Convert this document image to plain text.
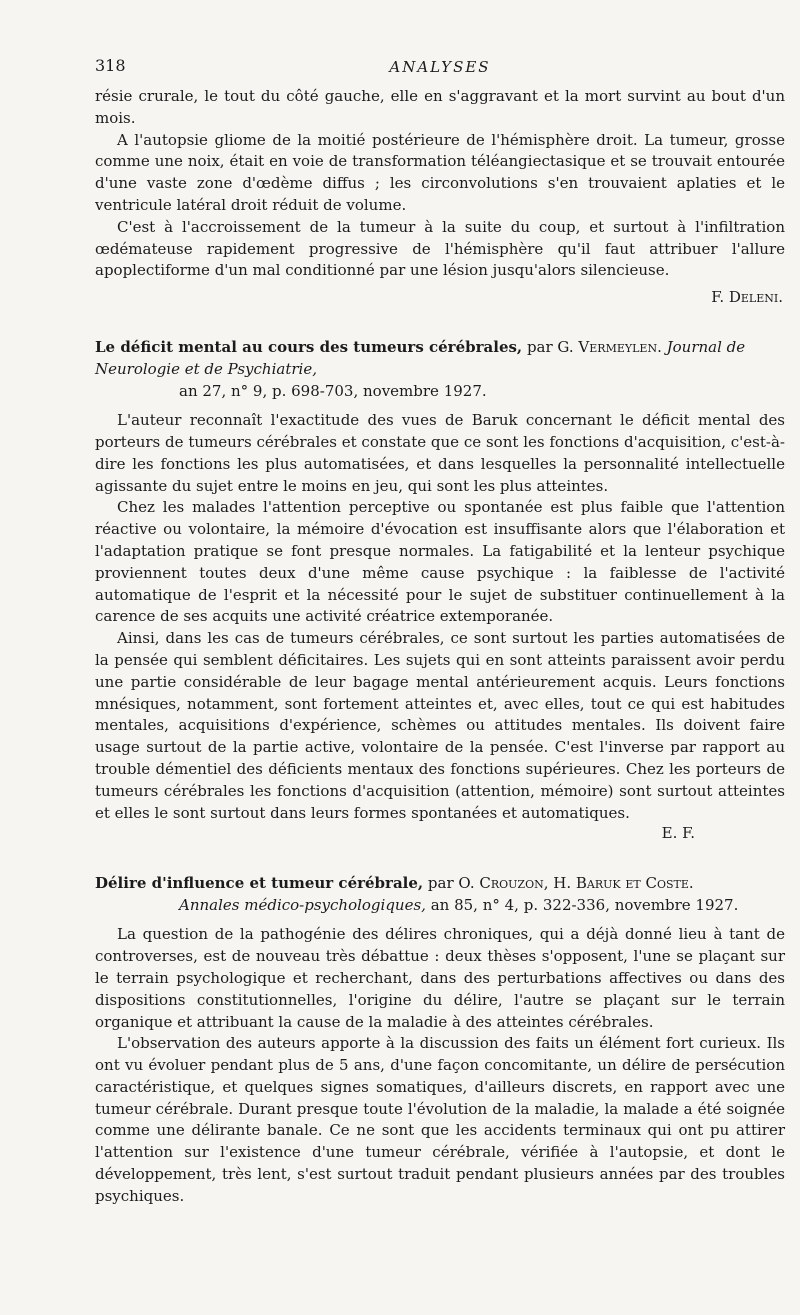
318	ANALYSES

résie crurale, le tout du côté gauche, elle en s'aggravant et la mort survint au bout d'un mois.

A l'autopsie gliome de la moitié postérieure de l'hémisphère droit. La tumeur, grosse comme une noix, était en voie de transformation téléangiectasique et se trouvait entourée d'une vaste zone d'œdème diffus ; les circonvolutions s'en trouvaient aplaties et le ventricule latéral droit réduit de volume.

C'est à l'accroissement de la tumeur à la suite du coup, et surtout à l'infiltration œdémateuse rapidement progressive de l'hémisphère qu'il faut attribuer l'allure apoplectiforme d'un mal conditionné par une lésion jusqu'alors silencieuse.

F. Deleni.
Le déficit mental au cours des tumeurs cérébrales, par G. Vermeylen. Journal de Neurologie et de Psychiatrie,
an 27, n° 9, p. 698-703, novembre 1927.

L'auteur reconnaît l'exactitude des vues de Baruk concernant le déficit mental des porteurs de tumeurs cérébrales et constate que ce sont les fonctions d'acquisition, c'est-à-dire les fonctions les plus automatisées, et dans lesquelles la personnalité intellectuelle agissante du sujet entre le moins en jeu, qui sont les plus atteintes.

Chez les malades l'attention perceptive ou spontanée est plus faible que l'attention réactive ou volontaire, la mémoire d'évocation est insuffisante alors que l'élaboration et l'adaptation pratique se font presque normales. La fatigabilité et la lenteur psychique proviennent toutes deux d'une même cause psychique : la faiblesse de l'activité automatique de l'esprit et la nécessité pour le sujet de substituer continuellement à la carence de ses acquits une activité créatrice extemporanée.

Ainsi, dans les cas de tumeurs cérébrales, ce sont surtout les parties automatisées de la pensée qui semblent déficitaires. Les sujets qui en sont atteints paraissent avoir perdu une partie considérable de leur bagage mental antérieurement acquis. Leurs fonctions mnésiques, notamment, sont fortement atteintes et, avec elles, tout ce qui est habitudes mentales, acquisitions d'expérience, schèmes ou attitudes mentales. Ils doivent faire usage surtout de la partie active, volontaire de la pensée. C'est l'inverse par rapport au trouble démentiel des déficients mentaux des fonctions supérieures. Chez les porteurs de tumeurs cérébrales les fonctions d'acquisition (attention, mémoire) sont surtout atteintes et elles le sont surtout dans leurs formes spontanées et automatiques.

E. F.
Délire d'influence et tumeur cérébrale, par O. Crouzon, H. Baruk et Coste.
Annales médico-psychologiques, an 85, n° 4, p. 322-336, novembre 1927.

La question de la pathogénie des délires chroniques, qui a déjà donné lieu à tant de controverses, est de nouveau très débattue : deux thèses s'opposent, l'une se plaçant sur le terrain psychologique et recherchant, dans des perturbations affectives ou dans des dispositions constitutionnelles, l'origine du délire, l'autre se plaçant sur le terrain organique et attribuant la cause de la maladie à des atteintes cérébrales.

L'observation des auteurs apporte à la discussion des faits un élément fort curieux. Ils ont vu évoluer pendant plus de 5 ans, d'une façon concomitante, un délire de persécution caractéristique, et quelques signes somatiques, d'ailleurs discrets, en rapport avec une tumeur cérébrale. Durant presque toute l'évolution de la maladie, la malade a été soignée comme une délirante banale. Ce ne sont que les accidents terminaux qui ont pu attirer l'attention sur l'existence d'une tumeur cérébrale, vérifiée à l'autopsie, et dont le développement, très lent, s'est surtout traduit pendant plusieurs années par des troubles psychiques.
